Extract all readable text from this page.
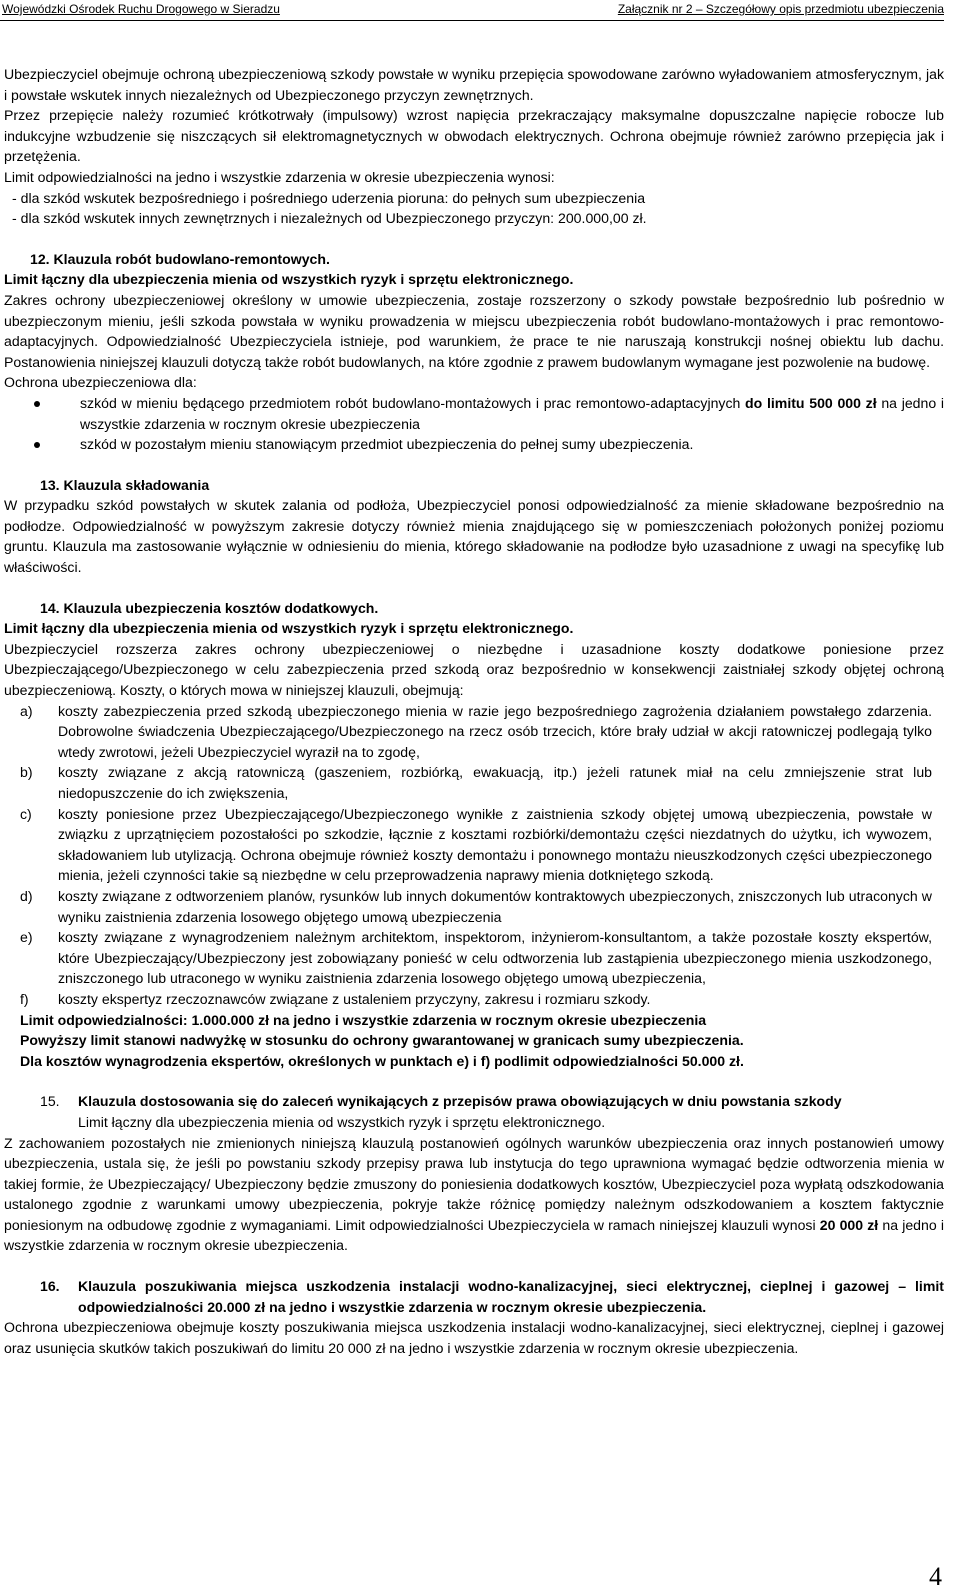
Wojewódzki Ośrodek Ruchu Drogowego w Sieradzu	Załącznik nr 2 – Szczegółowy opis przedmiotu ubezpieczenia

Ubezpieczyciel obejmuje ochroną ubezpieczeniową szkody powstałe w wyniku przepięcia spowodowane zarówno wyładowaniem atmosferycznym, jak i powstałe wskutek innych niezależnych od Ubezpieczonego przyczyn zewnętrznych.

Przez przepięcie należy rozumieć krótkotrwały (impulsowy) wzrost napięcia przekraczający maksymalne dopuszczalne napięcie robocze lub indukcyjne wzbudzenie się niszczących sił elektromagnetycznych w obwodach elektrycznych. Ochrona obejmuje również zarówno przepięcia jak i przetężenia.

Limit odpowiedzialności na jedno i wszystkie zdarzenia w okresie ubezpieczenia wynosi:

- dla szkód wskutek bezpośredniego i pośredniego uderzenia pioruna: do pełnych sum ubezpieczenia

- dla szkód wskutek innych zewnętrznych i niezależnych od Ubezpieczonego przyczyn: 200.000,00 zł.

12. Klauzula robót budowlano-remontowych.

Limit łączny dla ubezpieczenia mienia od wszystkich ryzyk i sprzętu elektronicznego.

Zakres ochrony ubezpieczeniowej określony w umowie ubezpieczenia, zostaje rozszerzony o szkody powstałe bezpośrednio lub pośrednio w ubezpieczonym mieniu, jeśli szkoda powstała w wyniku prowadzenia w miejscu ubezpieczenia robót budowlano-montażowych i prac remontowo-adaptacyjnych. Odpowiedzialność Ubezpieczyciela istnieje, pod warunkiem, że prace te nie naruszają konstrukcji nośnej obiektu lub dachu. Postanowienia niniejszej klauzuli dotyczą także robót budowlanych, na które zgodnie z prawem budowlanym wymagane jest pozwolenie na budowę.

Ochrona ubezpieczeniowa dla:

szkód w mieniu będącego przedmiotem robót budowlano-montażowych i prac remontowo-adaptacyjnych do limitu 500 000 zł na jedno i wszystkie zdarzenia w rocznym okresie ubezpieczenia
szkód w pozostałym mieniu stanowiącym przedmiot ubezpieczenia do pełnej sumy ubezpieczenia.

13. Klauzula składowania

W przypadku szkód powstałych w skutek zalania od podłoża, Ubezpieczyciel ponosi odpowiedzialność za mienie składowane bezpośrednio na podłodze. Odpowiedzialność w powyższym zakresie dotyczy również mienia znajdującego się w pomieszczeniach położonych poniżej poziomu gruntu. Klauzula ma zastosowanie wyłącznie w odniesieniu do mienia, którego składowanie na podłodze było uzasadnione z uwagi na specyfikę lub właściwości.

14. Klauzula ubezpieczenia kosztów dodatkowych.

Limit łączny dla ubezpieczenia mienia od wszystkich ryzyk i sprzętu elektronicznego.

Ubezpieczyciel rozszerza zakres ochrony ubezpieczeniowej o niezbędne i uzasadnione koszty dodatkowe poniesione przez Ubezpieczającego/Ubezpieczonego w celu zabezpieczenia przed szkodą oraz bezpośrednio w konsekwencji zaistniałej szkody objętej ochroną ubezpieczeniową. Koszty, o których mowa w niniejszej klauzuli, obejmują:

a) koszty zabezpieczenia przed szkodą ubezpieczonego mienia w razie jego bezpośredniego zagrożenia działaniem powstałego zdarzenia. Dobrowolne świadczenia Ubezpieczającego/Ubezpieczonego na rzecz osób trzecich, które brały udział w akcji ratowniczej podlegają tylko wtedy zwrotowi, jeżeli Ubezpieczyciel wyraził na to zgodę,
b) koszty związane z akcją ratowniczą (gaszeniem, rozbiórką, ewakuacją, itp.) jeżeli ratunek miał na celu zmniejszenie strat lub niedopuszczenie do ich zwiększenia,
c) koszty poniesione przez Ubezpieczającego/Ubezpieczonego wynikłe z zaistnienia szkody objętej umową ubezpieczenia, powstałe w związku z uprzątnięciem pozostałości po szkodzie, łącznie z kosztami rozbiórki/demontażu części niezdatnych do użytku, ich wywozem, składowaniem lub utylizacją. Ochrona obejmuje również koszty demontażu i ponownego montażu nieuszkodzonych części ubezpieczonego mienia, jeżeli czynności takie są niezbędne w celu przeprowadzenia naprawy mienia dotkniętego szkodą.
d) koszty związane z odtworzeniem planów, rysunków lub innych dokumentów kontraktowych ubezpieczonych, zniszczonych lub utraconych w wyniku zaistnienia zdarzenia losowego objętego umową ubezpieczenia
e) koszty związane z wynagrodzeniem należnym architektom, inspektorom, inżynierom-konsultantom, a także pozostałe koszty ekspertów, które Ubezpieczający/Ubezpieczony jest zobowiązany ponieść w celu odtworzenia lub zastąpienia ubezpieczonego mienia uszkodzonego, zniszczonego lub utraconego w wyniku zaistnienia zdarzenia losowego objętego umową ubezpieczenia,
f) koszty ekspertyz rzeczoznawców związane z ustaleniem przyczyny, zakresu i rozmiaru szkody.

Limit odpowiedzialności: 1.000.000 zł na jedno i wszystkie zdarzenia w rocznym okresie ubezpieczenia

Powyższy limit stanowi nadwyżkę w stosunku do ochrony gwarantowanej w granicach sumy ubezpieczenia.

Dla kosztów wynagrodzenia ekspertów, określonych w punktach e) i f) podlimit odpowiedzialności 50.000 zł.

15. Klauzula dostosowania się do zaleceń wynikających z przepisów prawa obowiązujących w dniu powstania szkody

Limit łączny dla ubezpieczenia mienia od wszystkich ryzyk i sprzętu elektronicznego.

Z zachowaniem pozostałych nie zmienionych niniejszą klauzulą postanowień ogólnych warunków ubezpieczenia oraz innych postanowień umowy ubezpieczenia, ustala się, że jeśli po powstaniu szkody przepisy prawa lub instytucja do tego uprawniona wymagać będzie odtworzenia mienia w takiej formie, że Ubezpieczający/ Ubezpieczony będzie zmuszony do poniesienia dodatkowych kosztów, Ubezpieczyciel poza wypłatą odszkodowania ustalonego zgodnie z warunkami umowy ubezpieczenia, pokryje także różnicę pomiędzy należnym odszkodowaniem a kosztem faktycznie poniesionym na odbudowę zgodnie z wymaganiami. Limit odpowiedzialności Ubezpieczyciela w ramach niniejszej klauzuli wynosi 20 000 zł na jedno i wszystkie zdarzenia w rocznym okresie ubezpieczenia.

16.	Klauzula poszukiwania miejsca uszkodzenia instalacji wodno-kanalizacyjnej, sieci elektrycznej, cieplnej i gazowej – limit odpowiedzialności 20.000 zł na jedno i wszystkie zdarzenia w rocznym okresie ubezpieczenia.

Ochrona ubezpieczeniowa obejmuje koszty poszukiwania miejsca uszkodzenia instalacji wodno-kanalizacyjnej, sieci elektrycznej, cieplnej i gazowej oraz usunięcia skutków takich poszukiwań do limitu 20 000 zł na jedno i wszystkie zdarzenia w rocznym okresie ubezpieczenia.

4
